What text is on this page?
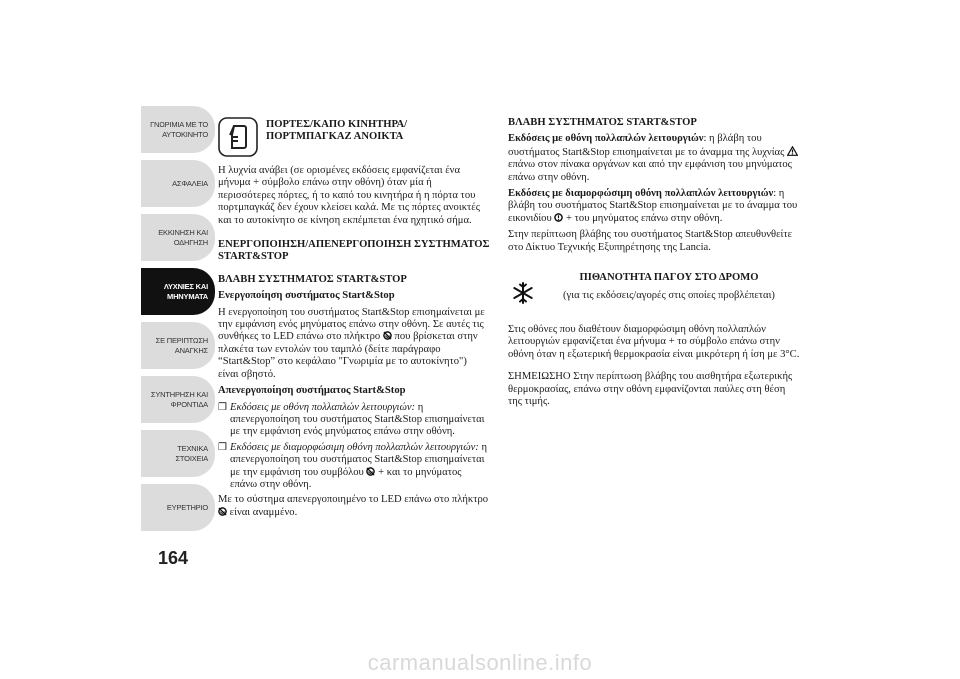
ΓΝΩΡΙΜΙΑ ΜΕ ΤΟ
ΑΥΤΟΚΙΝΗΤΟ
ΑΣΦΑΛΕΙΑ
ΕΚΚΙΝΗΣΗ ΚΑΙ
ΟΔΗΓΗΣΗ
ΛΥΧΝΙΕΣ ΚΑΙ
ΜΗΝΥΜΑΤΑ
ΣΕ ΠΕΡΙΠΤΩΣΗ
ΑΝΑΓΚΗΣ
ΣΥΝΤΗΡΗΣΗ ΚΑΙ
ΦΡΟΝΤΙΔΑ
ΤΕΧΝΙΚΑ ΣΤΟΙΧΕΙΑ
ΕΥΡΕΤΗΡΙΟ
164
ΠΟΡΤΕΣ/ΚΑΠΟ ΚΙΝΗΤΗΡΑ/
ΠΟΡΤΜΠΑΓΚΑΖ ΑΝΟΙΚΤΑ

Η λυχνία ανάβει (σε ορισμένες εκδόσεις εμφανίζεται ένα μήνυμα + σύμβολο επάνω στην οθόνη) όταν μία ή περισσότερες πόρτες, ή το καπό του κινητήρα ή η πόρτα του πορτμπαγκάζ δεν έχουν κλείσει καλά. Με τις πόρτες ανοικτές και το αυτοκίνητο σε κίνηση εκπέμπεται ένα ηχητικό σήμα.

ΕΝΕΡΓΟΠΟΙΗΣΗ/ΑΠΕΝΕΡΓΟΠΟΙΗΣΗ ΣΥΣΤΗΜΑΤΟΣ START&STOP
ΒΛΑΒΗ ΣΥΣΤΗΜΑΤΟΣ START&STOP

Ενεργοποίηση συστήματος Start&Stop

Η ενεργοποίηση του συστήματος Start&Stop επισημαίνεται με την εμφάνιση ενός μηνύματος επάνω στην οθόνη. Σε αυτές τις συνθήκες το LED επάνω στο πλήκτρο που βρίσκεται στην πλακέτα των εντολών του ταμπλό (δείτε παράγραφο “Start&Stop” στο κεφάλαιο "Γνωριμία με το αυτοκίνητο") είναι σβηστό.

Απενεργοποίηση συστήματος Start&Stop

❒ Εκδόσεις με οθόνη πολλαπλών λειτουργιών: η απενεργοποίηση του συστήματος Start&Stop επισημαίνεται με την εμφάνιση ενός μηνύματος επάνω στην οθόνη.
❒ Εκδόσεις με διαμορφώσιμη οθόνη πολλαπλών λειτουργιών: η απενεργοποίηση του συστήματος Start&Stop επισημαίνεται με την εμφάνιση του συμβόλου  + και το μηνύματος επάνω στην οθόνη.

Με το σύστημα απενεργοποιημένο το LED επάνω στο πλήκτρο  είναι αναμμένο.

ΒΛΑΒΗ ΣΥΣΤΗΜΑΤΟΣ START&STOP

Εκδόσεις με οθόνη πολλαπλών λειτουργιών: η βλάβη του συστήματος Start&Stop επισημαίνεται με το άναμμα της λυχνίας  επάνω στον πίνακα οργάνων και από την εμφάνιση του μηνύματος επάνω στην οθόνη.

Εκδόσεις με διαμορφώσιμη οθόνη πολλαπλών λειτουργιών: η βλάβη του συστήματος Start&Stop επισημαίνεται με το άναμμα του εικονιδίου  + του μηνύματος επάνω στην οθόνη.

Στην περίπτωση βλάβης του συστήματος Start&Stop απευθυνθείτε στο Δίκτυο Τεχνικής Εξυπηρέτησης της Lancia.

ΠΙΘΑΝΟΤΗΤΑ ΠΑΓΟΥ ΣΤΟ ΔΡΟΜΟ
(για τις εκδόσεις/αγορές στις οποίες προβλέπεται)

Στις οθόνες που διαθέτουν διαμορφώσιμη οθόνη πολλαπλών λειτουργιών εμφανίζεται ένα μήνυμα + το σύμβολο επάνω στην οθόνη όταν η εξωτερική θερμοκρασία είναι μικρότερη ή ίση με 3°C.

ΣΗΜΕΙΩΣΗΟ Στην περίπτωση βλάβης του αισθητήρα εξωτερικής θερμοκρασίας, επάνω στην οθόνη εμφανίζονται παύλες στη θέση της τιμής.

carmanualsonline.info
